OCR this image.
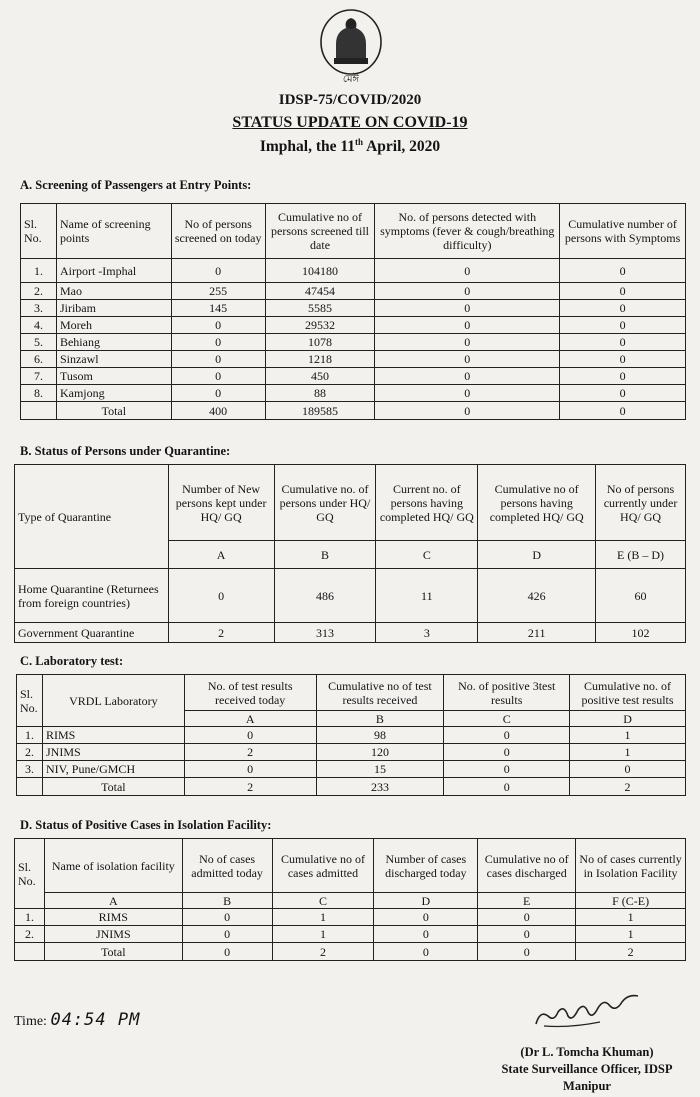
মেঈ
IDSP-75/COVID/2020
STATUS UPDATE ON COVID-19
Imphal, the 11th April, 2020
A. Screening of Passengers at Entry Points:
Sl. No.	Name of screening points	No of persons screened on today	Cumulative no of persons screened till date	No. of persons detected with symptoms (fever & cough/breathing difficulty)	Cumulative number of persons with Symptoms
1.	Airport -Imphal	0	104180	0	0
2.	Mao	255	47454	0	0
3.	Jiribam	145	5585	0	0
4.	Moreh	0	29532	0	0
5.	Behiang	0	1078	0	0
6.	Sinzawl	0	1218	0	0
7.	Tusom	0	450	0	0
8.	Kamjong	0	88	0	0
	Total	400	189585	0	0
B. Status of Persons under Quarantine:
Type of Quarantine	Number of New persons kept under HQ/ GQ	Cumulative no. of persons under HQ/ GQ	Current no. of persons having completed HQ/ GQ	Cumulative no of persons having completed HQ/ GQ	No of persons currently under HQ/ GQ
	A	B	C	D	E (B – D)
Home Quarantine (Returnees from foreign countries)	0	486	11	426	60
Government Quarantine	2	313	3	211	102
C. Laboratory test:
Sl. No.	VRDL Laboratory	No. of test results received today	Cumulative no of test results received	No. of positive 3test results	Cumulative no. of positive test results
		A	B	C	D
1.	RIMS	0	98	0	1
2.	JNIMS	2	120	0	1
3.	NIV, Pune/GMCH	0	15	0	0
	Total	2	233	0	2
D. Status of Positive Cases in Isolation Facility:
Sl. No.	Name of isolation facility	No of cases admitted today	Cumulative no of cases admitted	Number of cases discharged today	Cumulative no of cases discharged	No of cases currently in Isolation Facility
	A	B	C	D	E	F (C-E)
1.	RIMS	0	1	0	0	1
2.	JNIMS	0	1	0	0	1
	Total	0	2	0	0	2
Time: 04:54 PM
(Dr L. Tomcha Khuman)
State Surveillance Officer, IDSP
Manipur
